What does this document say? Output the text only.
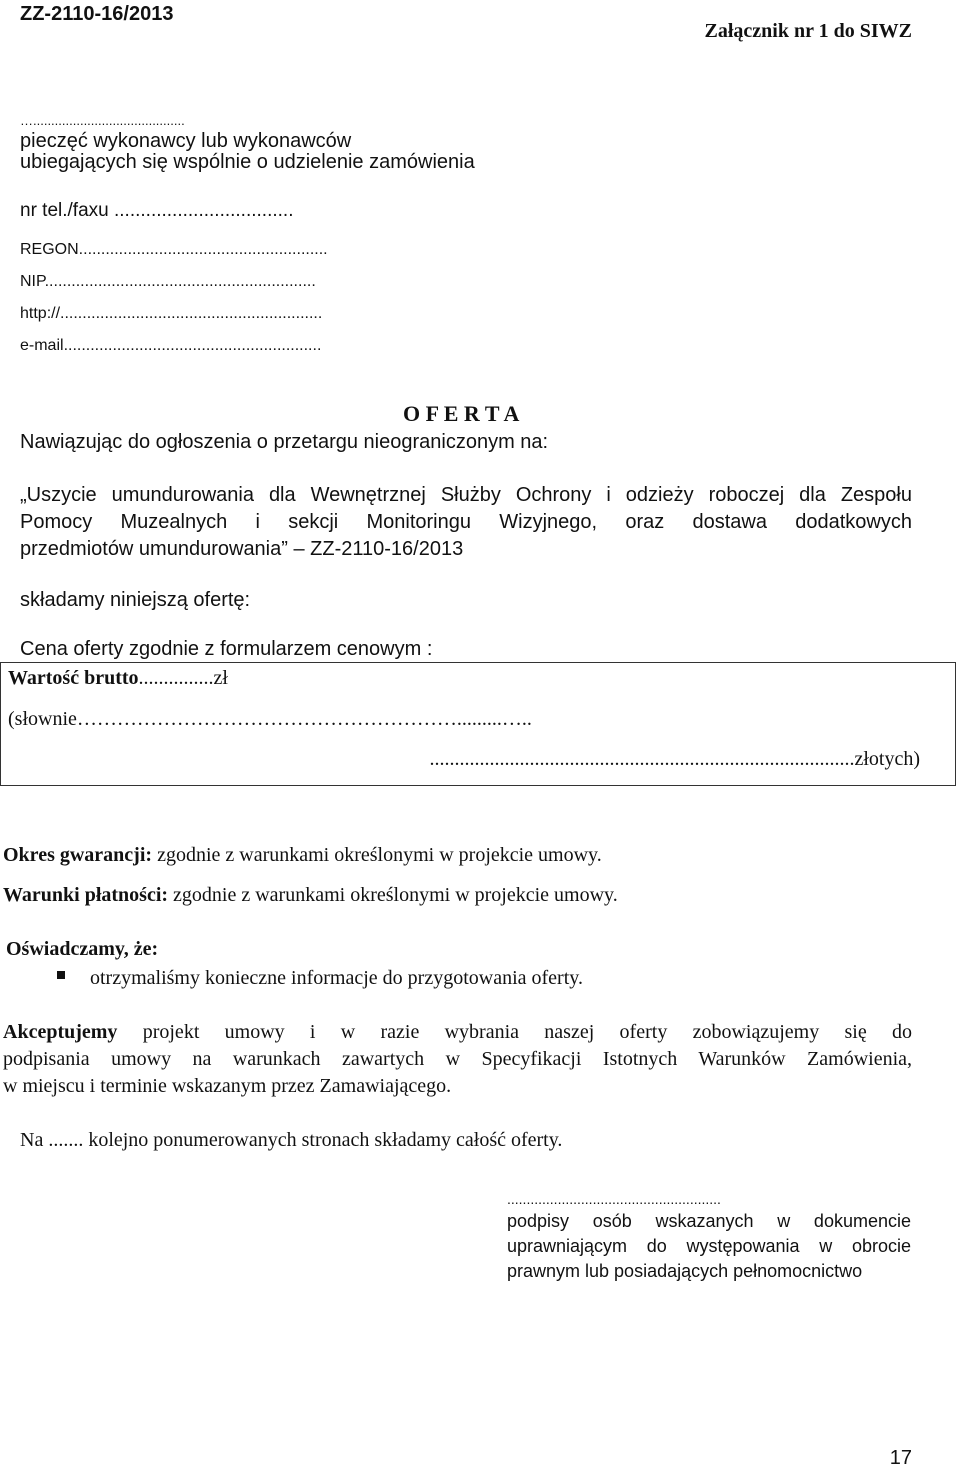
ZZ-2110-16/2013
Załącznik nr 1 do SIWZ
…..........................................
pieczęć wykonawcy lub wykonawców
ubiegających się wspólnie o udzielenie zamówienia
nr tel./faxu ..................................
REGON........................................................
NIP.............................................................
http://...........................................................
e-mail..........................................................
O F E R T A
Nawiązując do ogłoszenia o przetargu nieograniczonym na:
„Uszycie umundurowania dla Wewnętrznej Służby Ochrony i odzieży roboczej dla Zespołu
Pomocy Muzealnych i sekcji Monitoringu Wizyjnego, oraz dostawa dodatkowych
przedmiotów umundurowania” – ZZ-2110-16/2013
składamy niniejszą ofertę:
Cena oferty zgodnie z formularzem cenowym :
Wartość brutto...............zł
(słownie………………………………………………….........…..
.....................................................................................złotych)
Okres gwarancji: zgodnie z warunkami określonymi w projekcie umowy.
Warunki płatności: zgodnie z warunkami określonymi w projekcie umowy.
Oświadczamy, że:
otrzymaliśmy konieczne informacje do przygotowania oferty.
Akceptujemy projekt umowy i w razie wybrania naszej oferty zobowiązujemy się do
podpisania umowy na warunkach zawartych w Specyfikacji Istotnych Warunków Zamówienia,
w miejscu i terminie wskazanym przez Zamawiającego.
Na ....... kolejno ponumerowanych stronach składamy całość oferty.
.......................................................
podpisy osób wskazanych w dokumencie
uprawniającym do występowania w obrocie
prawnym lub posiadających pełnomocnictwo
17
